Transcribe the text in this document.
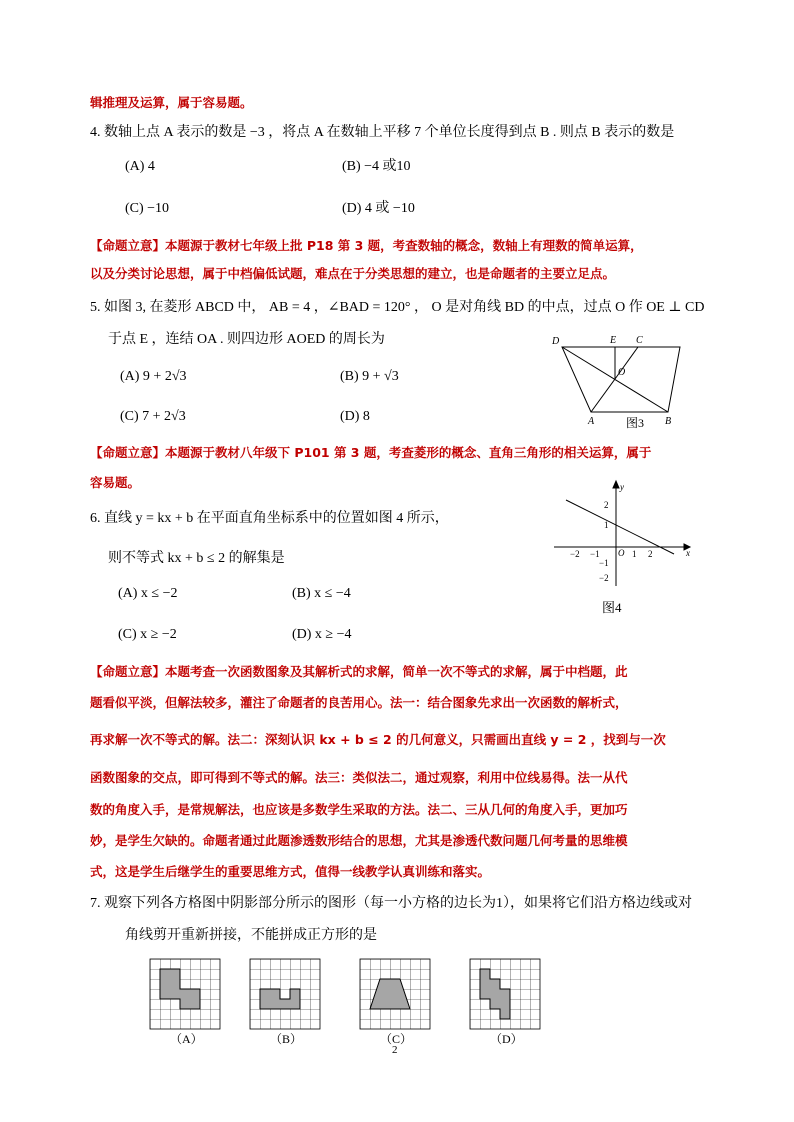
辑推理及运算，属于容易题。
4. 数轴上点 A 表示的数是 −3 ，将点 A 在数轴上平移 7 个单位长度得到点 B . 则点 B 表示的数是
(A) 4	(B) −4 或10
(C) −10	(D) 4 或 −10
【命题立意】本题源于教材七年级上批 P18 第 3 题，考查数轴的概念，数轴上有理数的简单运算，
以及分类讨论思想，属于中档偏低试题，难点在于分类思想的建立，也是命题者的主要立足点。
5. 如图 3, 在菱形 ABCD 中， AB = 4 ，∠BAD = 120° ， O 是对角线 BD 的中点，过点 O 作 OE ⊥ CD
于点 E ，连结 OA . 则四边形 AOED 的周长为
(A) 9 + 2√3	(B) 9 + √3
(C) 7 + 2√3	(D) 8
D	E C
O
A	B
图3
【命题立意】本题源于教材八年级下 P101 第 3 题，考查菱形的概念、直角三角形的相关运算，属于
容易题。
6. 直线 y = kx + b 在平面直角坐标系中的位置如图 4 所示，
则不等式 kx + b ≤ 2 的解集是
(A) x ≤ −2	(B) x ≤ −4
(C) x ≥ −2	(D) x ≥ −4
x
y
O
−2 −1	1 2
2
1
−1
−2
图4
【命题立意】本题考查一次函数图象及其解析式的求解，简单一次不等式的求解，属于中档题，此
题看似平淡，但解法较多，灌注了命题者的良苦用心。法一：结合图象先求出一次函数的解析式，
再求解一次不等式的解。法二：深刻认识 kx + b ≤ 2 的几何意义，只需画出直线 y = 2 ，找到与一次
函数图象的交点，即可得到不等式的解。法三：类似法二，通过观察，利用中位线易得。法一从代
数的角度入手，是常规解法，也应该是多数学生采取的方法。法二、三从几何的角度入手，更加巧
妙，是学生欠缺的。命题者通过此题渗透数形结合的思想，尤其是渗透代数问题几何考量的思维模
式，这是学生后继学生的重要思维方式，值得一线教学认真训练和落实。
7. 观察下列各方格图中阴影部分所示的图形（每一小方格的边长为1），如果将它们沿方格边线或对
角线剪开重新拼接，不能拼成正方形的是
（A）	（B）	（C）	（D）
2
